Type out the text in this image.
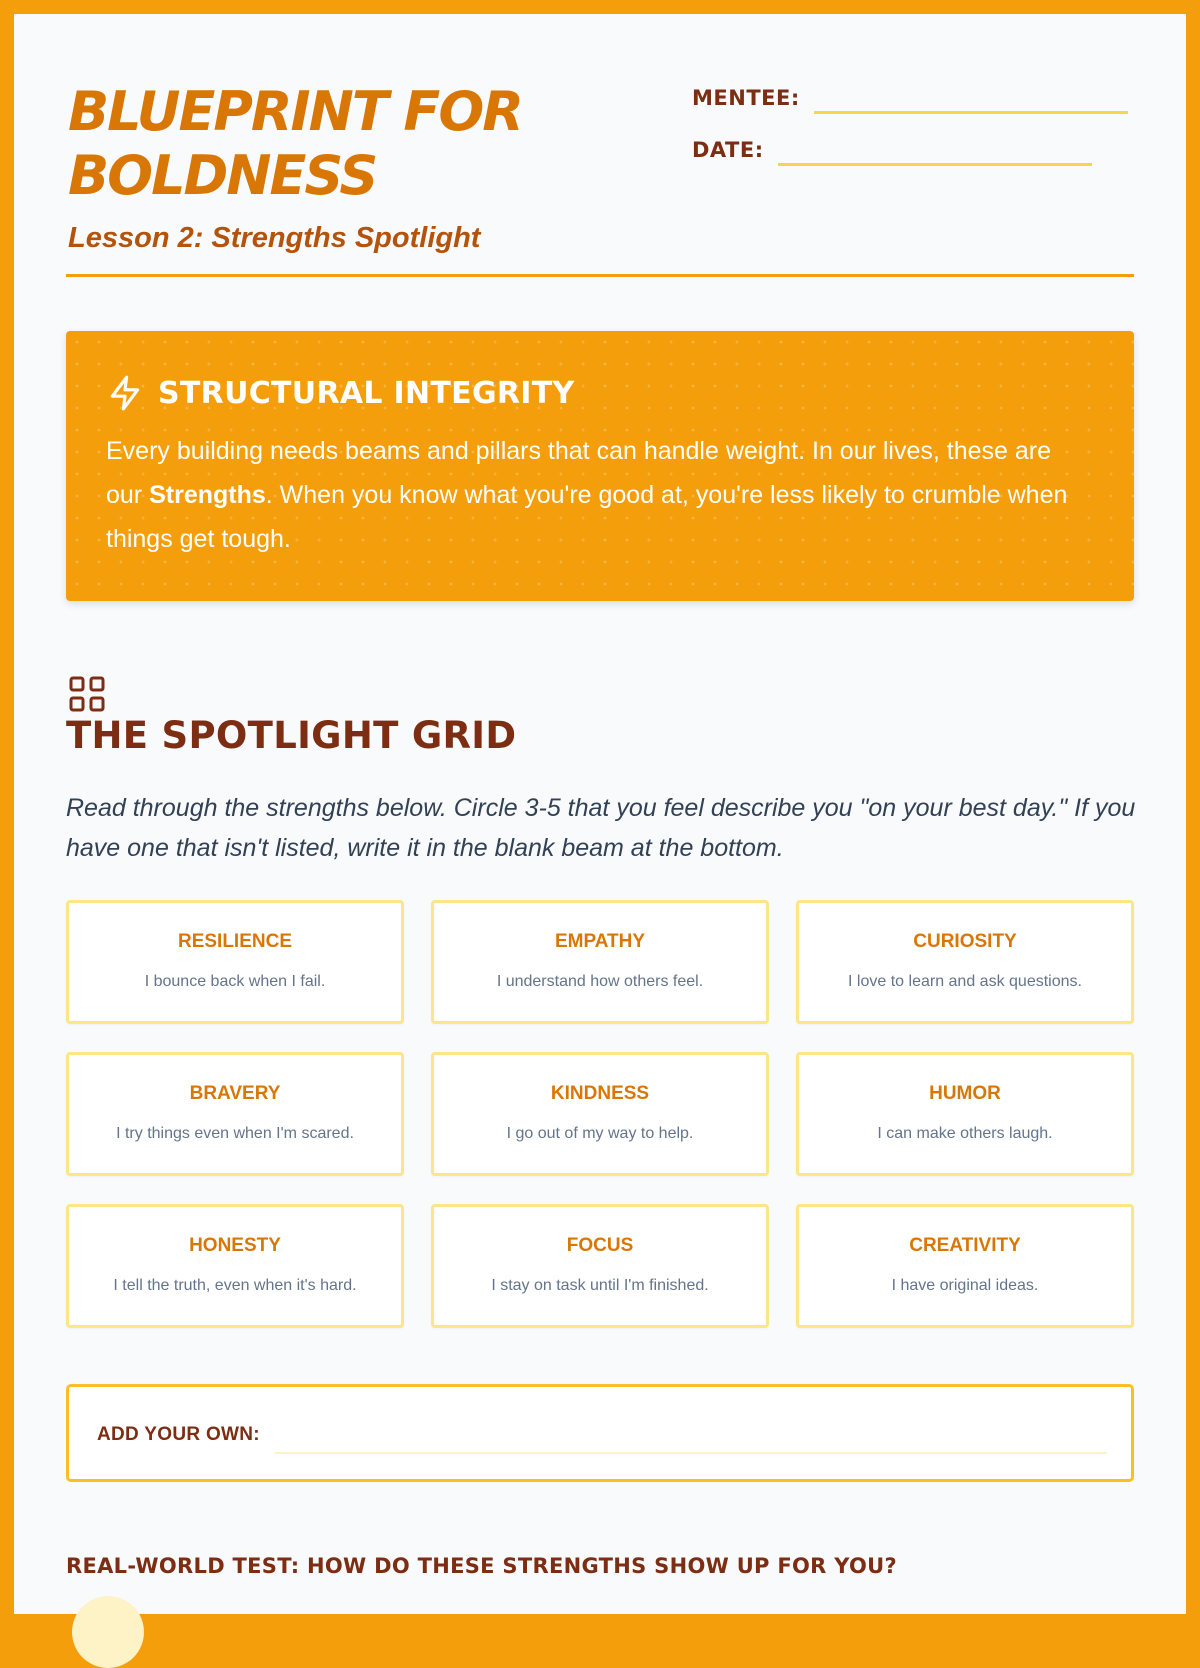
BLUEPRINT FOR BOLDNESS

Lesson 2: Strengths Spotlight

MENTEE:
DATE:
STRUCTURAL INTEGRITY
Every building needs beams and pillars that can handle weight. In our lives, these are our Strengths. When you know what you're good at, you're less likely to crumble when things get tough.
THE SPOTLIGHT GRID

Read through the strengths below. Circle 3-5 that you feel describe you "on your best day." If you have one that isn't listed, write it in the blank beam at the bottom.

RESILIENCE
I bounce back when I fail.
EMPATHY
I understand how others feel.
CURIOSITY
I love to learn and ask questions.
BRAVERY
I try things even when I'm scared.
KINDNESS
I go out of my way to help.
HUMOR
I can make others laugh.
HONESTY
I tell the truth, even when it's hard.
FOCUS
I stay on task until I'm finished.
CREATIVITY
I have original ideas.
ADD YOUR OWN:
REAL-WORLD TEST: HOW DO THESE STRENGTHS SHOW UP FOR YOU?
